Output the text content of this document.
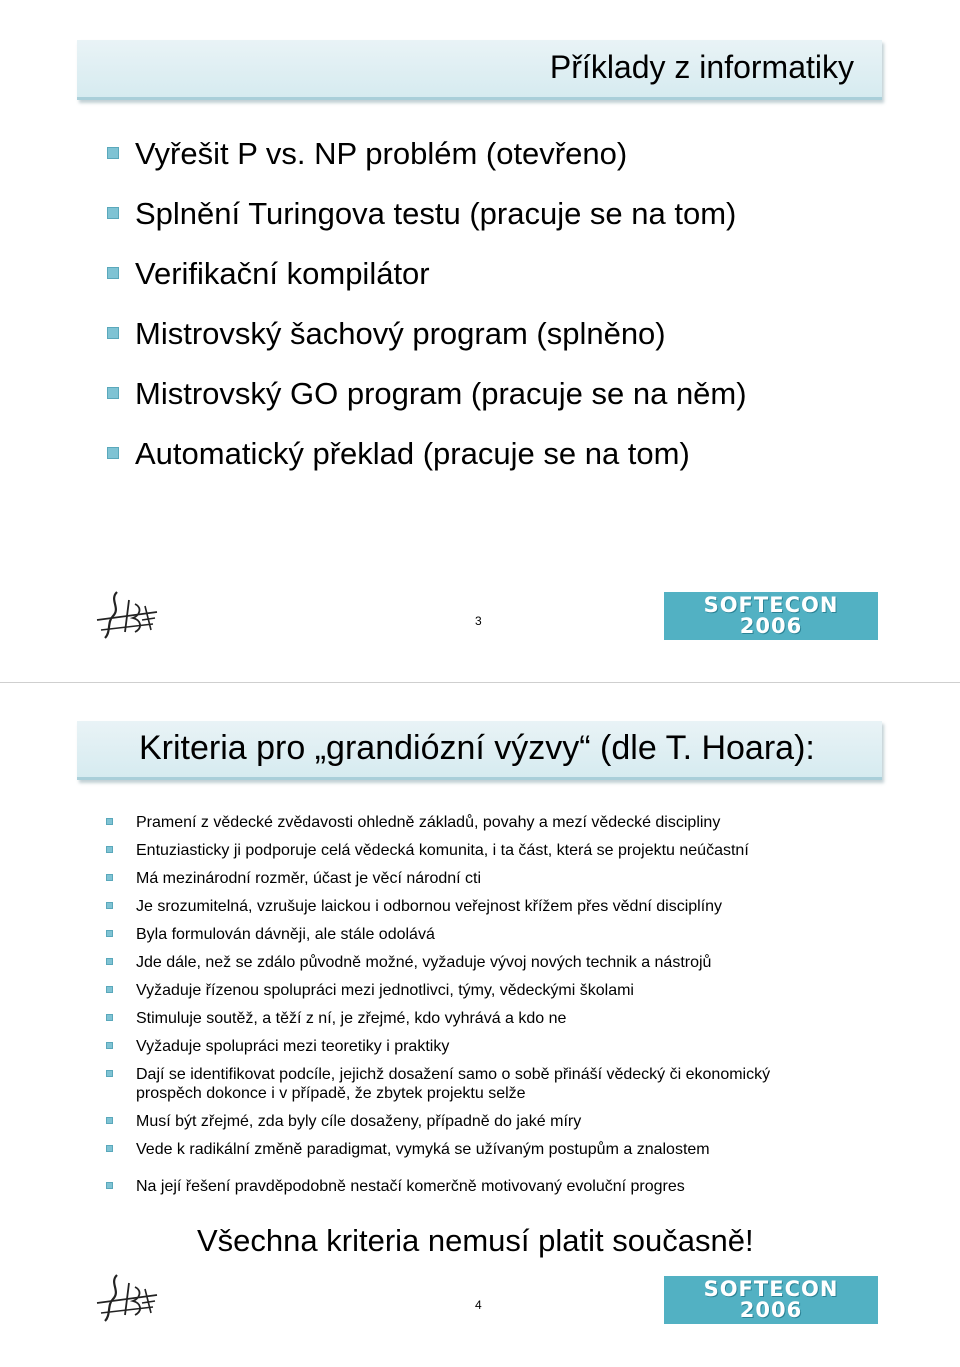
Příklady z informatiky
Vyřešit P vs. NP problém (otevřeno)
Splnění Turingova testu (pracuje se na tom)
Verifikační kompilátor
Mistrovský šachový program (splněno)
Mistrovský GO program (pracuje se na něm)
Automatický překlad (pracuje se na tom)
3
SOFTECON
2006
Kriteria pro „grandiózní výzvy“ (dle T. Hoara):
Pramení z vědecké zvědavosti ohledně základů, povahy a mezí vědecké discipliny
Entuziasticky ji podporuje celá vědecká komunita, i ta část, která se projektu neúčastní
Má mezinárodní rozměr, účast je věcí národní cti
Je srozumitelná, vzrušuje laickou i odbornou veřejnost křížem přes vědní disciplíny
Byla formulován dávněji, ale stále odolává
Jde dále, než se zdálo původně možné, vyžaduje vývoj nových technik a nástrojů
Vyžaduje řízenou spolupráci mezi jednotlivci, týmy, vědeckými školami
Stimuluje soutěž, a těží z ní, je zřejmé, kdo vyhrává a kdo ne
Vyžaduje spolupráci mezi teoretiky i praktiky
Dají se identifikovat podcíle, jejichž dosažení samo o sobě přináší vědecký či ekonomický
prospěch dokonce i v případě, že zbytek projektu selže
Musí být zřejmé, zda byly cíle dosaženy, případně do jaké míry
Vede k radikální změně paradigmat, vymyká se užívaným postupům a znalostem
Na její řešení pravděpodobně nestačí komerčně motivovaný evoluční progres
Všechna kriteria nemusí platit současně!
4
SOFTECON
2006
